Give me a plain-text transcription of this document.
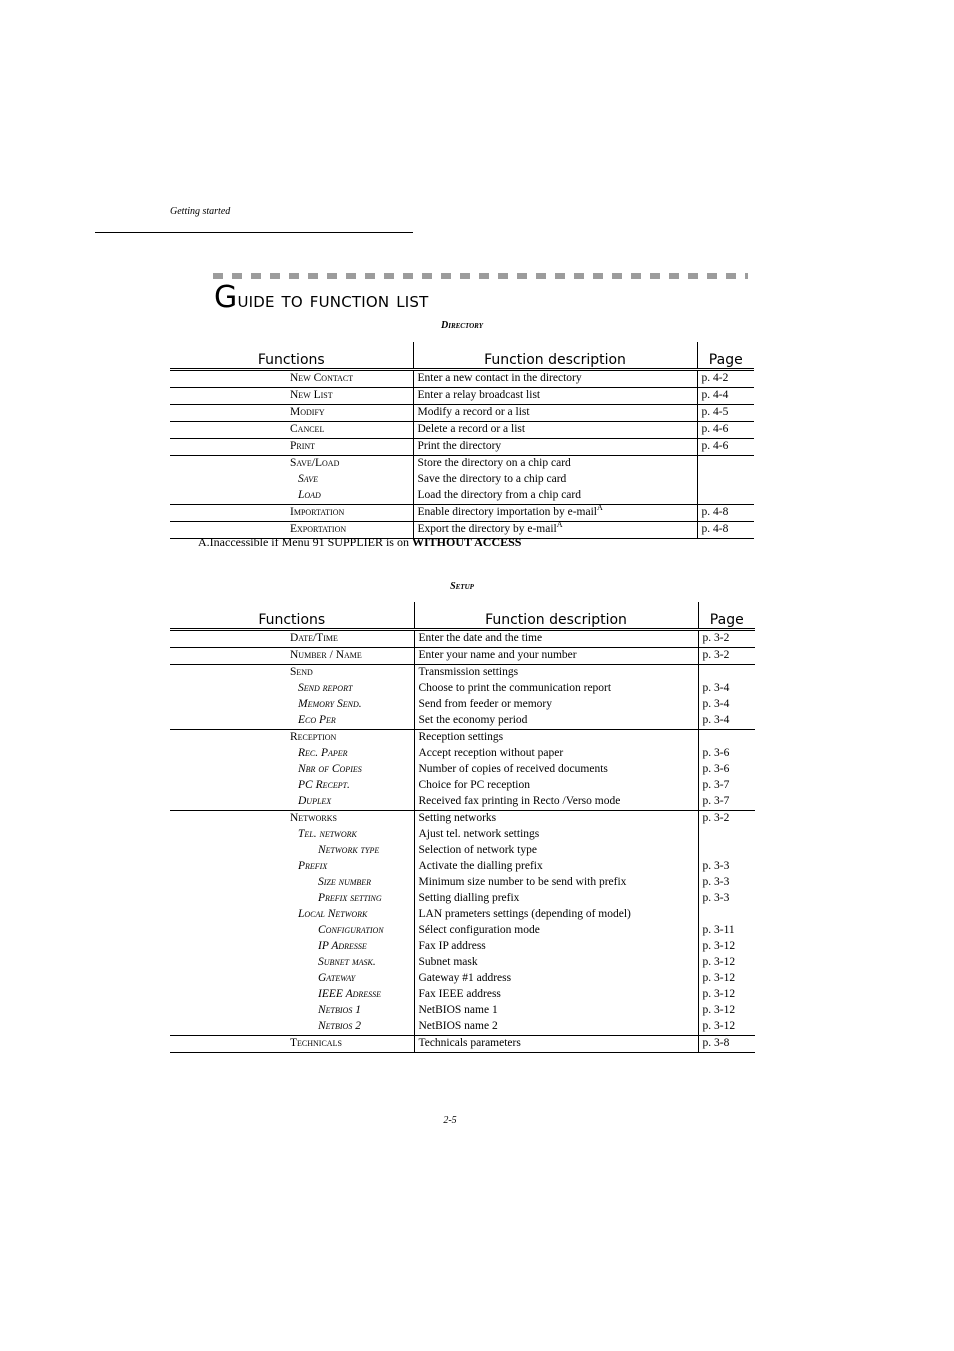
Getting started
Guide to function list
Directory
Functions	Function description	Page
New Contact	Enter a new contact in the directory	p. 4-2
New List	Enter a relay broadcast list	p. 4-4
Modify	Modify a record or a list	p. 4-5
Cancel	Delete a record or a list	p. 4-6
Print	Print the directory	p. 4-6
Save/Load	Store the directory on a chip card	
Save	Save the directory to a chip card	
Load	Load the directory from a chip card	
Importation	Enable directory importation by e-mail$^A$	p. 4-8
Exportation	Export the directory by e-mail$^A$	p. 4-8
A.Inaccessible if Menu 91 SUPPLIER is on WITHOUT ACCESS
Setup
Functions	Function description	Page
Date/Time	Enter the date and the time	p. 3-2
Number / Name	Enter your name and your number	p. 3-2
Send	Transmission settings	
Send report	Choose to print the communication report	p. 3-4
Memory Send.	Send from feeder or memory	p. 3-4
Eco Per	Set the economy period	p. 3-4
Reception	Reception settings	
Rec. Paper	Accept reception without paper	p. 3-6
Nbr of Copies	Number of copies of received documents	p. 3-6
PC Recept.	Choice for PC reception	p. 3-7
Duplex	Received fax printing in Recto /Verso mode	p. 3-7
Networks	Setting networks	p. 3-2
Tel. network	Ajust tel. network settings	
Network type	Selection of network type	
Prefix	Activate the dialling prefix	p. 3-3
Size number	Minimum size number to be send with prefix	p. 3-3
Prefix setting	Setting dialling prefix	p. 3-3
Local Network	LAN prameters settings (depending of model)	
Configuration	Sélect configuration mode	p. 3-11
IP Adresse	Fax IP address	p. 3-12
Subnet mask.	Subnet mask	p. 3-12
Gateway	Gateway #1 address	p. 3-12
IEEE Adresse	Fax IEEE address	p. 3-12
Netbios 1	NetBIOS name 1	p. 3-12
Netbios 2	NetBIOS name 2	p. 3-12
Technicals	Technicals parameters	p. 3-8
2-5
